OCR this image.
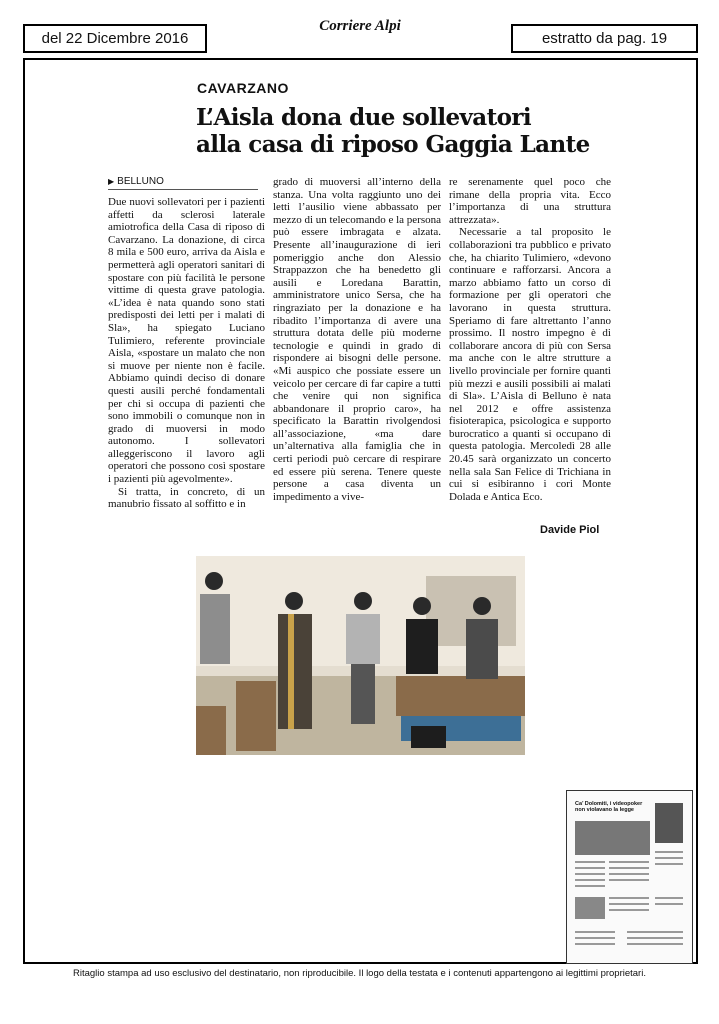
del 22 Dicembre 2016
Corriere Alpi
estratto da pag. 19
CAVARZANO
L’Aisla dona due sollevatori
alla casa di riposo Gaggia Lante
▶ BELLUNO

Due nuovi sollevatori per i pazienti affetti da sclerosi laterale amiotrofica della Casa di riposo di Cavarzano. La donazione, di circa 8 mila e 500 euro, arriva da Aisla e permetterà agli operatori sanitari di spostare con più facilità le persone vittime di questa grave patologia. «L’idea è nata quando sono stati predisposti dei letti per i malati di Sla», ha spiegato Luciano Tulimiero, referente provinciale Aisla, «spostare un malato che non si muove per niente non è facile. Abbiamo quindi deciso di donare questi ausili perché fondamentali per chi si occupa di pazienti che sono immobili o comunque non in grado di muoversi in modo autonomo. I sollevatori alleggeriscono il lavoro agli operatori che possono così spostare i pazienti più agevolmente».

Si tratta, in concreto, di un manubrio fissato al soffitto e in

grado di muoversi all’interno della stanza. Una volta raggiunto uno dei letti l’ausilio viene abbassato per mezzo di un telecomando e la persona può essere imbragata e alzata. Presente all’inaugurazione di ieri pomeriggio anche don Alessio Strappazzon che ha benedetto gli ausili e Loredana Barattin, amministratore unico Sersa, che ha ringraziato per la donazione e ha ribadito l’importanza di avere una struttura dotata delle più moderne tecnologie e quindi in grado di rispondere ai bisogni delle persone. «Mi auspico che possiate essere un veicolo per cercare di far capire a tutti che venire qui non significa abbandonare il proprio caro», ha specificato la Barattin rivolgendosi all’associazione, «ma dare un’alternativa alla famiglia che in certi periodi può cercare di respirare ed essere più serena. Tenere queste persone a casa diventa un impedimento a vive-

re serenamente quel poco che rimane della propria vita. Ecco l’importanza di una struttura attrezzata».

Necessarie a tal proposito le collaborazioni tra pubblico e privato che, ha chiarito Tulimiero, «devono continuare e rafforzarsi. Ancora a marzo abbiamo fatto un corso di formazione per gli operatori che lavorano in questa struttura. Speriamo di fare altrettanto l’anno prossimo. Il nostro impegno è di collaborare ancora di più con Sersa ma anche con le altre strutture a livello provinciale per fornire quanti più mezzi e ausili possibili ai malati di Sla». L’Aisla di Belluno è nata nel 2012 e offre assistenza fisioterapica, psicologica e supporto burocratico a quanti si occupano di questa patologia. Mercoledì 28 alle 20.45 sarà organizzato un concerto nella sala San Felice di Trichiana in cui si esibiranno i cori Monte Dolada e Antica Eco.

Davide Piol
Ca’ Dolomiti, i videopoker non violavano la legge
Ritaglio stampa ad uso esclusivo del destinatario, non riproducibile. Il logo della testata e i contenuti appartengono ai legittimi proprietari.
